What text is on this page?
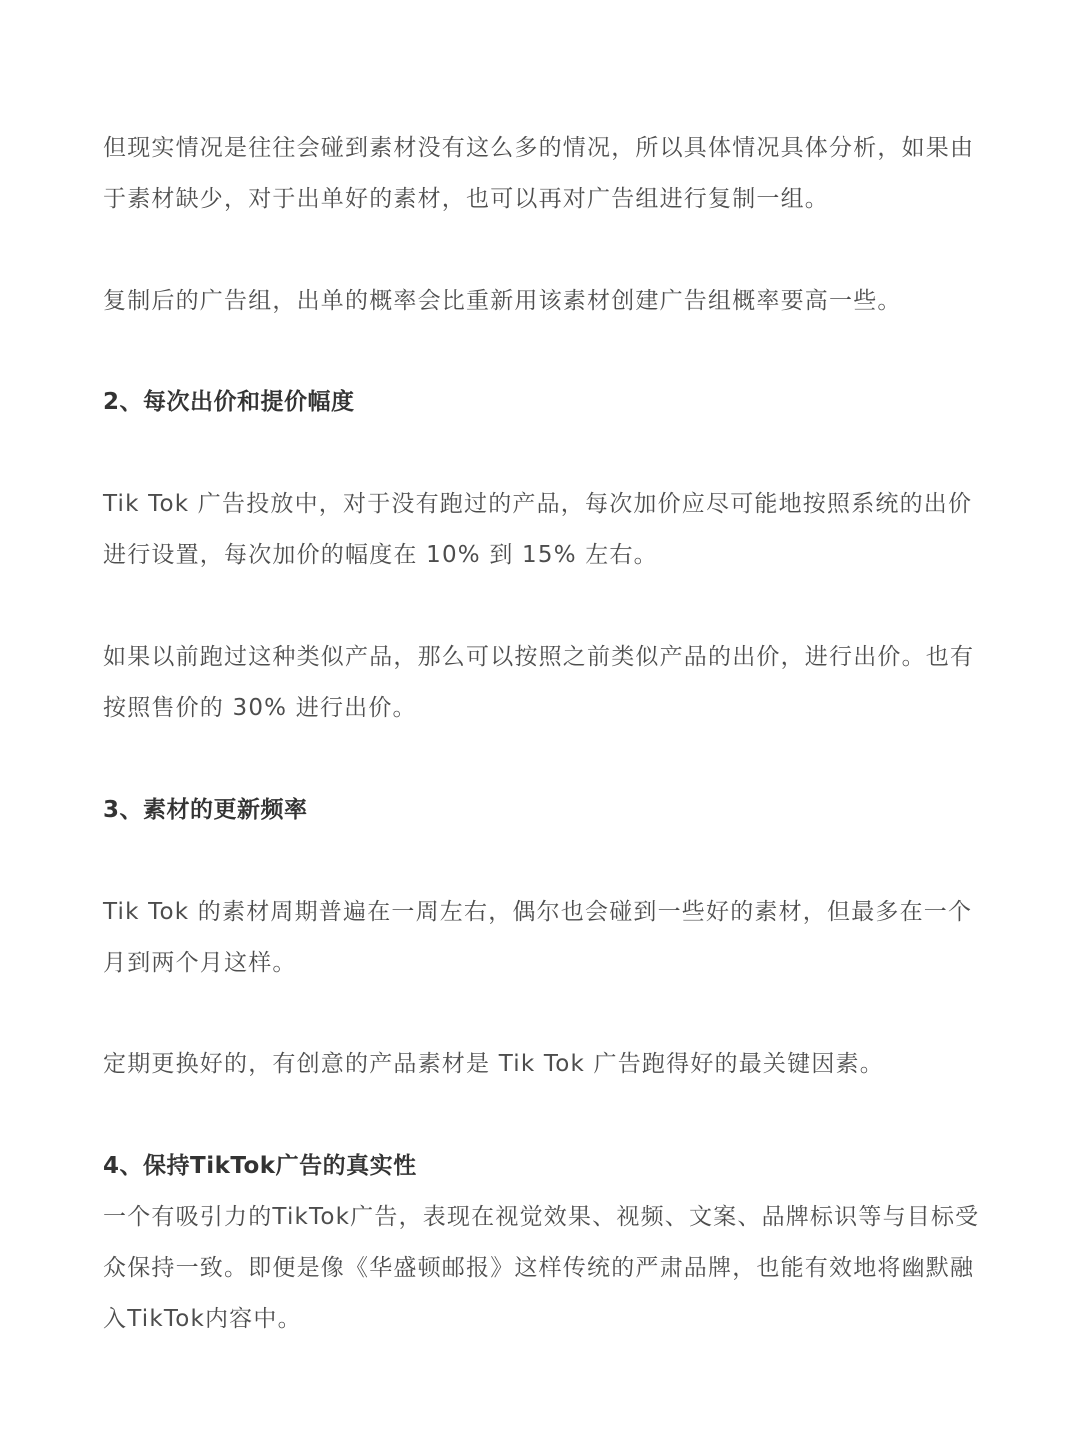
但现实情况是往往会碰到素材没有这么多的情况，所以具体情况具体分析，如果由于素材缺少，对于出单好的素材，也可以再对广告组进行复制一组。

复制后的广告组，出单的概率会比重新用该素材创建广告组概率要高一些。

2、每次出价和提价幅度

Tik Tok 广告投放中，对于没有跑过的产品，每次加价应尽可能地按照系统的出价进行设置，每次加价的幅度在 10% 到 15% 左右。

如果以前跑过这种类似产品，那么可以按照之前类似产品的出价，进行出价。也有按照售价的 30% 进行出价。

3、素材的更新频率

Tik Tok 的素材周期普遍在一周左右，偶尔也会碰到一些好的素材，但最多在一个月到两个月这样。

定期更换好的，有创意的产品素材是 Tik Tok 广告跑得好的最关键因素。

4、保持TikTok广告的真实性

一个有吸引力的TikTok广告，表现在视觉效果、视频、文案、品牌标识等与目标受众保持一致。即便是像《华盛顿邮报》这样传统的严肃品牌，也能有效地将幽默融入TikTok内容中。
